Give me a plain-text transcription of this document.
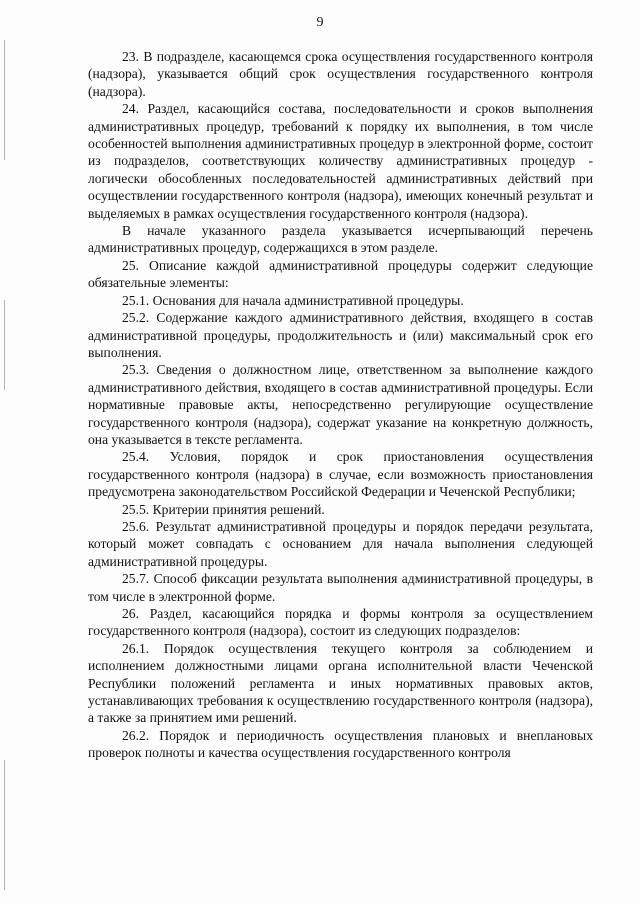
9

23. В подразделе, касающемся срока осуществления государственного контроля (надзора), указывается общий срок осуществления государственного контроля (надзора).

24. Раздел, касающийся состава, последовательности и сроков выполнения административных процедур, требований к порядку их выполнения, в том числе особенностей выполнения административных процедур в электронной форме, состоит из подразделов, соответствующих количеству административных процедур - логически обособленных последовательностей административных действий при осуществлении государственного контроля (надзора), имеющих конечный результат и выделяемых в рамках осуществления государственного контроля (надзора).

В начале указанного раздела указывается исчерпывающий перечень административных процедур, содержащихся в этом разделе.

25. Описание каждой административной процедуры содержит следующие обязательные элементы:

25.1. Основания для начала административной процедуры.

25.2. Содержание каждого административного действия, входящего в состав административной процедуры, продолжительность и (или) максимальный срок его выполнения.

25.3. Сведения о должностном лице, ответственном за выполнение каждого административного действия, входящего в состав административной процедуры. Если нормативные правовые акты, непосредственно регулирующие осуществление государственного контроля (надзора), содержат указание на конкретную должность, она указывается в тексте регламента.

25.4. Условия, порядок и срок приостановления осуществления государственного контроля (надзора) в случае, если возможность приостановления предусмотрена законодательством Российской Федерации и Чеченской Республики;

25.5. Критерии принятия решений.

25.6. Результат административной процедуры и порядок передачи результата, который может совпадать с основанием для начала выполнения следующей административной процедуры.

25.7. Способ фиксации результата выполнения административной процедуры, в том числе в электронной форме.

26. Раздел, касающийся порядка и формы контроля за осуществлением государственного контроля (надзора), состоит из следующих подразделов:

26.1. Порядок осуществления текущего контроля за соблюдением и исполнением должностными лицами органа исполнительной власти Чеченской Республики положений регламента и иных нормативных правовых актов, устанавливающих требования к осуществлению государственного контроля (надзора), а также за принятием ими решений.

26.2. Порядок и периодичность осуществления плановых и внеплановых проверок полноты и качества осуществления государственного контроля
